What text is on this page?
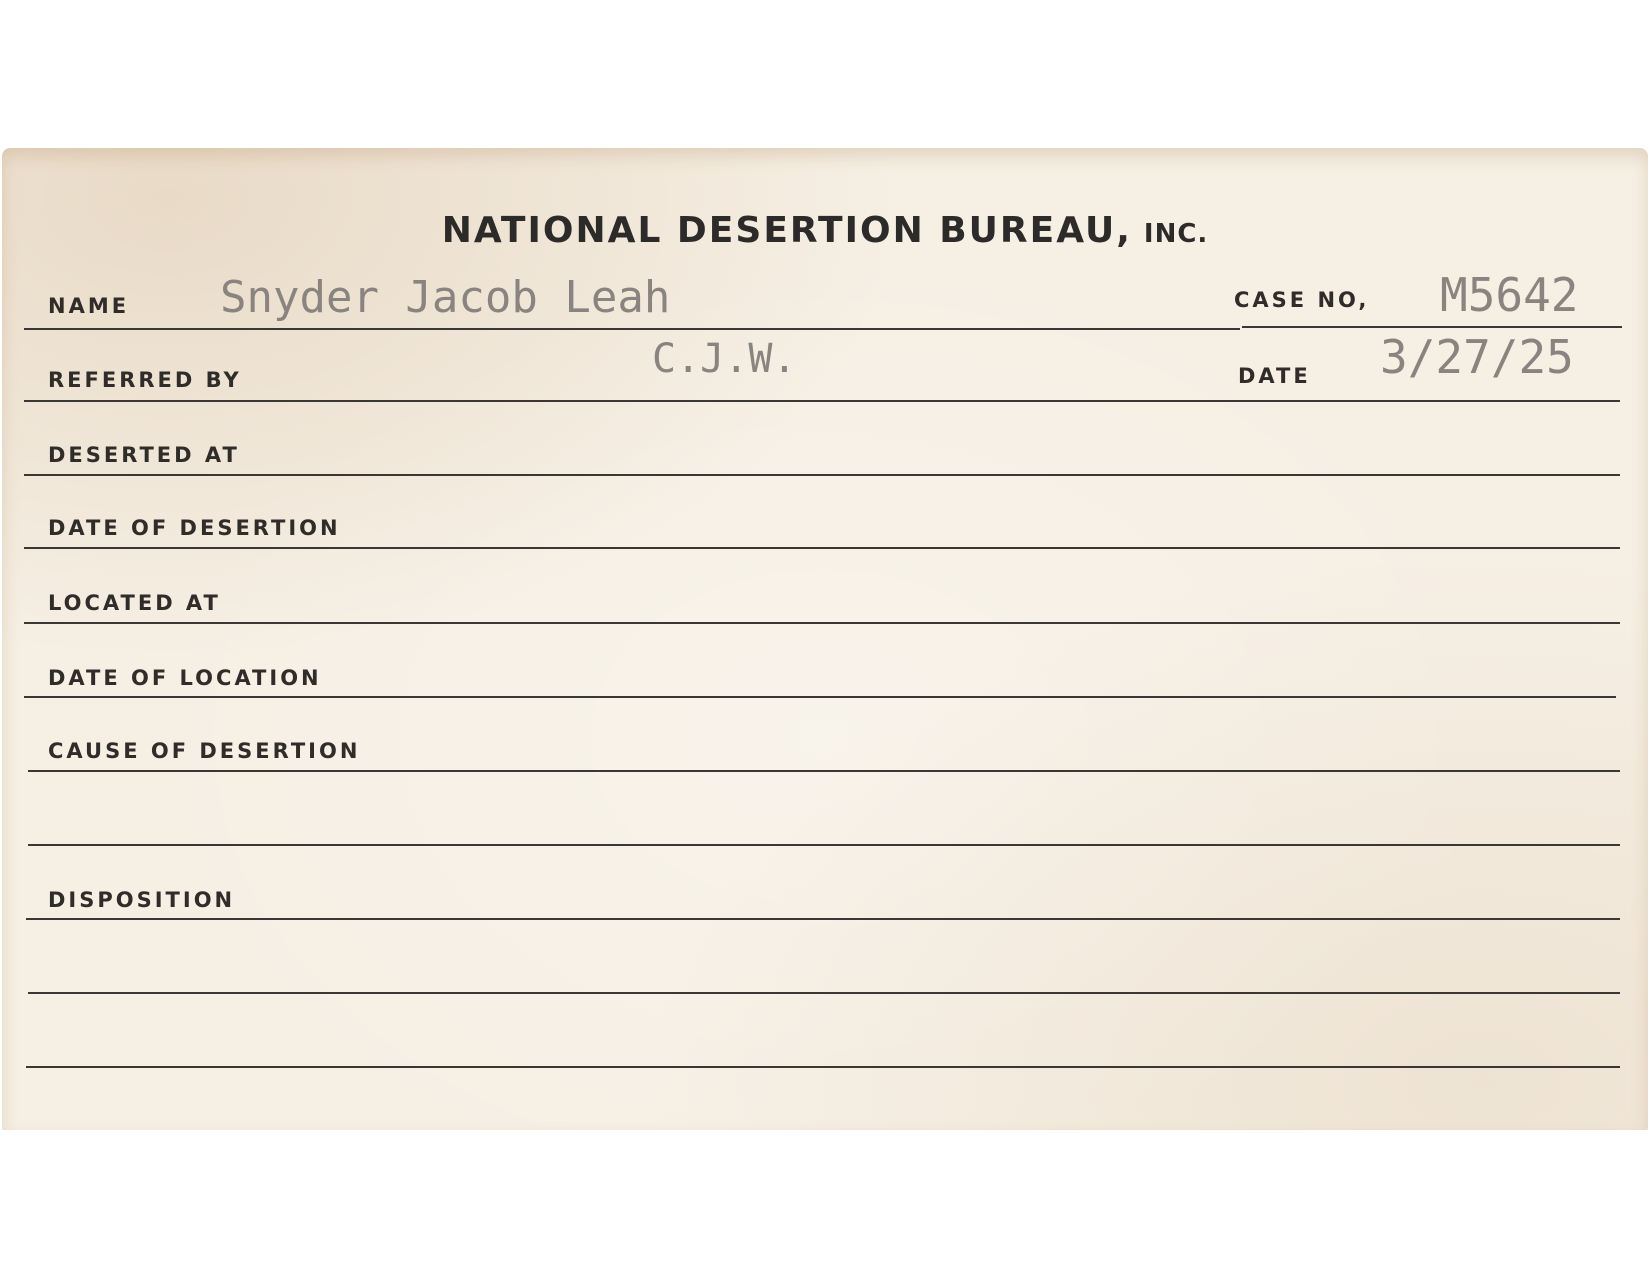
NATIONAL DESERTION BUREAU, INC.
NAME Snyder Jacob Leah	CASE NO, M5642
REFERRED BY	C.J.W.	DATE 3/27/25
DESERTED AT
DATE OF DESERTION
LOCATED AT
DATE OF LOCATION
CAUSE OF DESERTION
DISPOSITION
